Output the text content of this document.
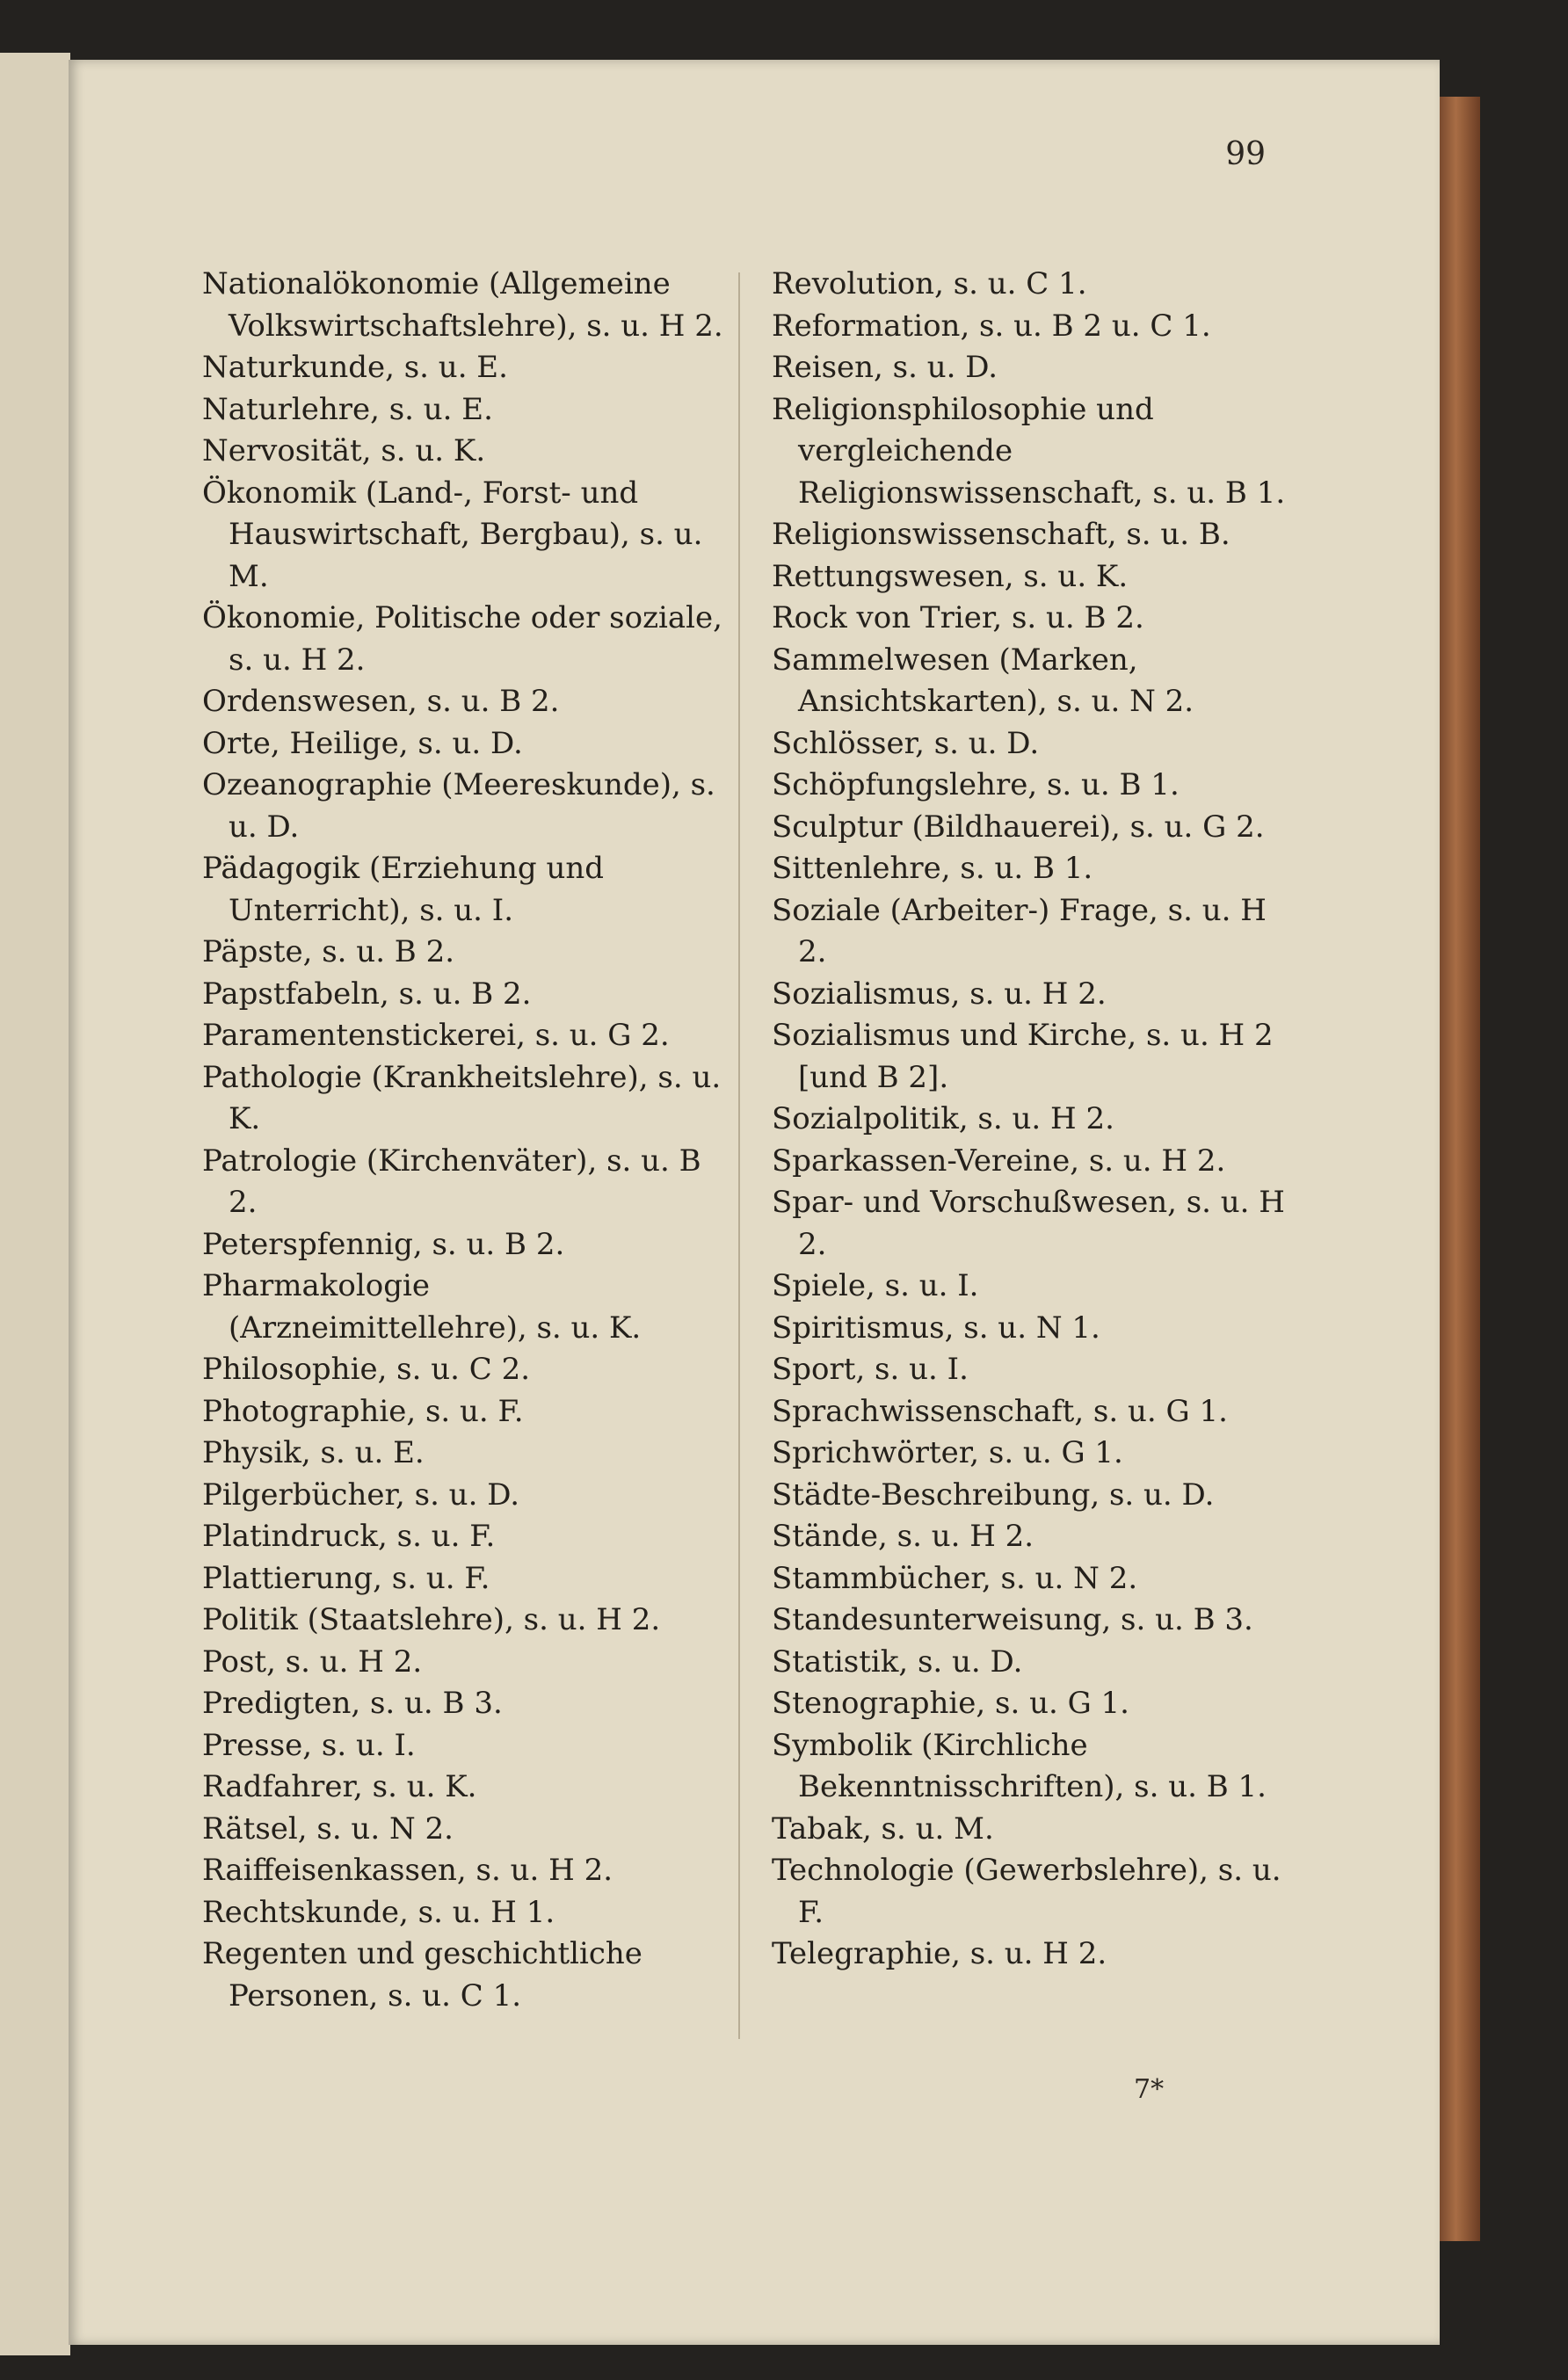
99

Nationalökonomie (Allgemeine Volkswirtschaftslehre), s. u. H 2.

Naturkunde, s. u. E.

Naturlehre, s. u. E.

Nervosität, s. u. K.

Ökonomik (Land-, Forst- und Hauswirtschaft, Bergbau), s. u. M.

Ökonomie, Politische oder soziale, s. u. H 2.

Ordenswesen, s. u. B 2.

Orte, Heilige, s. u. D.

Ozeanographie (Meereskunde), s. u. D.

Pädagogik (Erziehung und Unterricht), s. u. I.

Päpste, s. u. B 2.

Papstfabeln, s. u. B 2.

Paramentenstickerei, s. u. G 2.

Pathologie (Krankheitslehre), s. u. K.

Patrologie (Kirchenväter), s. u. B 2.

Peterspfennig, s. u. B 2.

Pharmakologie (Arzneimittellehre), s. u. K.

Philosophie, s. u. C 2.

Photographie, s. u. F.

Physik, s. u. E.

Pilgerbücher, s. u. D.

Platindruck, s. u. F.

Plattierung, s. u. F.

Politik (Staatslehre), s. u. H 2.

Post, s. u. H 2.

Predigten, s. u. B 3.

Presse, s. u. I.

Radfahrer, s. u. K.

Rätsel, s. u. N 2.

Raiffeisenkassen, s. u. H 2.

Rechtskunde, s. u. H 1.

Regenten und geschichtliche Personen, s. u. C 1.

Revolution, s. u. C 1.

Reformation, s. u. B 2 u. C 1.

Reisen, s. u. D.

Religionsphilosophie und vergleichende Religionswissenschaft, s. u. B 1.

Religionswissenschaft, s. u. B.

Rettungswesen, s. u. K.

Rock von Trier, s. u. B 2.

Sammelwesen (Marken, Ansichtskarten), s. u. N 2.

Schlösser, s. u. D.

Schöpfungslehre, s. u. B 1.

Sculptur (Bildhauerei), s. u. G 2.

Sittenlehre, s. u. B 1.

Soziale (Arbeiter-) Frage, s. u. H 2.

Sozialismus, s. u. H 2.

Sozialismus und Kirche, s. u. H 2 [und B 2].

Sozialpolitik, s. u. H 2.

Sparkassen-Vereine, s. u. H 2.

Spar- und Vorschußwesen, s. u. H 2.

Spiele, s. u. I.

Spiritismus, s. u. N 1.

Sport, s. u. I.

Sprachwissenschaft, s. u. G 1.

Sprichwörter, s. u. G 1.

Städte-Beschreibung, s. u. D.

Stände, s. u. H 2.

Stammbücher, s. u. N 2.

Standesunterweisung, s. u. B 3.

Statistik, s. u. D.

Stenographie, s. u. G 1.

Symbolik (Kirchliche Bekenntnisschriften), s. u. B 1.

Tabak, s. u. M.

Technologie (Gewerbslehre), s. u. F.

Telegraphie, s. u. H 2.

7*
